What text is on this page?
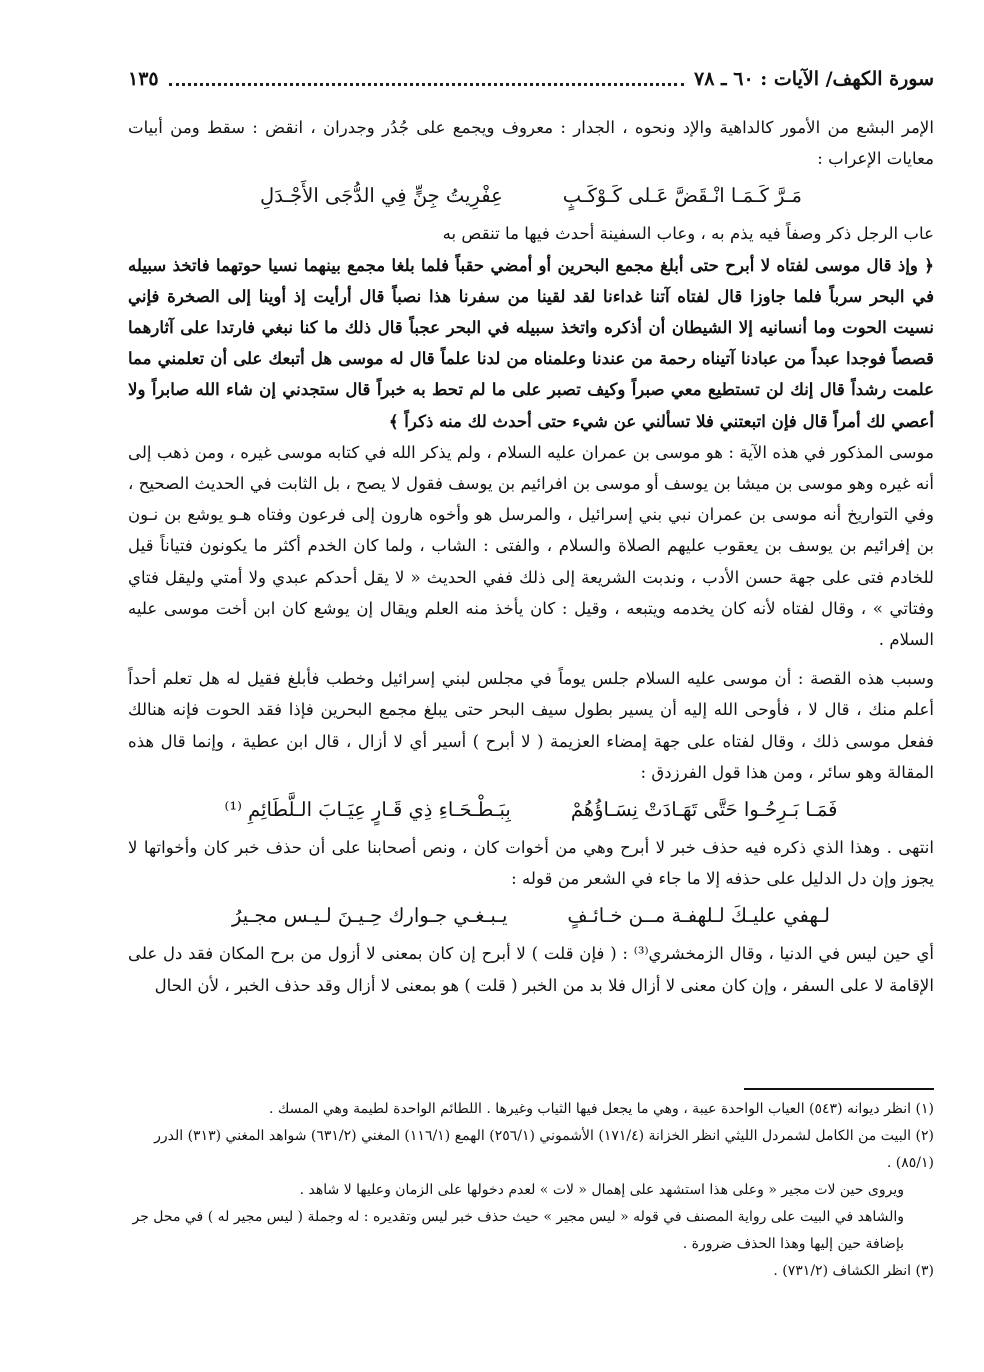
سورة الكهف/ الآيات : ٦٠ ـ ٧٨
١٣٥

الإمر البشع من الأمور كالداهية والإد ونحوه ، الجدار : معروف ويجمع على جُدُر وجدران ، انقض : سقط ومن أبيات معايات الإعراب :

مَـرَّ كَـمَـا انْـقَضَّ عَـلى كَـوْكَـبٍعِفْرِيتُ جِنٍّ فِي الدُّجَى الأَجْـدَلِ

عاب الرجل ذكر وصفاً فيه يذم به ، وعاب السفينة أحدث فيها ما تنقص به

﴿ وإذ قال موسى لفتاه لا أبرح حتى أبلغ مجمع البحرين أو أمضي حقباً فلما بلغا مجمع بينهما نسيا حوتهما فاتخذ سبيله في البحر سرباً فلما جاوزا قال لفتاه آتنا غداءنا لقد لقينا من سفرنا هذا نصباً قال أرأيت إذ أوينا إلى الصخرة فإني نسيت الحوت وما أنسانيه إلا الشيطان أن أذكره واتخذ سبيله في البحر عجباً قال ذلك ما كنا نبغي فارتدا على آثارهما قصصاً فوجدا عبداً من عبادنا آتيناه رحمة من عندنا وعلمناه من لدنا علماً قال له موسى هل أتبعك على أن تعلمني مما علمت رشداً قال إنك لن تستطيع معي صبراً وكيف تصبر على ما لم تحط به خبراً قال ستجدني إن شاء الله صابراً ولا أعصي لك أمراً قال فإن اتبعتني فلا تسألني عن شيء حتى أحدث لك منه ذكراً ﴾

موسى المذكور في هذه الآية : هو موسى بن عمران عليه السلام ، ولم يذكر الله في كتابه موسى غيره ، ومن ذهب إلى أنه غيره وهو موسى بن ميشا بن يوسف أو موسى بن افرائيم بن يوسف فقول لا يصح ، بل الثابت في الحديث الصحيح ، وفي التواريخ أنه موسى بن عمران نبي بني إسرائيل ، والمرسل هو وأخوه هارون إلى فرعون وفتاه هـو يوشع بن نـون بن إفرائيم بن يوسف بن يعقوب عليهم الصلاة والسلام ، والفتى : الشاب ، ولما كان الخدم أكثر ما يكونون فتياناً قيل للخادم فتى على جهة حسن الأدب ، وندبت الشريعة إلى ذلك ففي الحديث « لا يقل أحدكم عبدي ولا أمتي وليقل فتاي وفتاتي » ، وقال لفتاه لأنه كان يخدمه ويتبعه ، وقيل : كان يأخذ منه العلم ويقال إن يوشع كان ابن أخت موسى عليه السلام .

وسبب هذه القصة : أن موسى عليه السلام جلس يوماً في مجلس لبني إسرائيل وخطب فأبلغ فقيل له هل تعلم أحداً أعلم منك ، قال لا ، فأوحى الله إليه أن يسير بطول سيف البحر حتى يبلغ مجمع البحرين فإذا فقد الحوت فإنه هنالك ففعل موسى ذلك ، وقال لفتاه على جهة إمضاء العزيمة ( لا أبرح ) أسير أي لا أزال ، قال ابن عطية ، وإنما قال هذه المقالة وهو سائر ، ومن هذا قول الفرزدق :

فَمَـا بَـرِحُـوا حَتَّى تَهَـادَتْ نِسَـاؤُهُمْبِبَـطْـحَـاءِ ذِي قَـارٍ عِيَـابَ الـلَّطَائِمِ ⁽¹⁾

انتهى . وهذا الذي ذكره فيه حذف خبر لا أبرح وهي من أخوات كان ، ونص أصحابنا على أن حذف خبر كان وأخواتها لا يجوز وإن دل الدليل على حذفه إلا ما جاء في الشعر من قوله :

لـهفي عليـكَ لـلهفـة مــن خـائـفٍيـبـغـي جـوارك حِـيـنَ لـيـس مجـيرُ

أي حين ليس في الدنيا ، وقال الزمخشري⁽³⁾ : ( فإن قلت ) لا أبرح إن كان بمعنى لا أزول من برح المكان فقد دل على الإقامة لا على السفر ، وإن كان معنى لا أزال فلا بد من الخبر ( قلت ) هو بمعنى لا أزال وقد حذف الخبر ، لأن الحال

(١) انظر ديوانه (٥٤٣) العياب الواحدة عيبة ، وهي ما يجعل فيها الثياب وغيرها . اللطائم الواحدة لطيمة وهي المسك .

(٢) البيت من الكامل لشمردل الليثي انظر الخزانة (١٧١/٤) الأشموني (٢٥٦/١) الهمع (١١٦/١) المغني (٦٣١/٢) شواهد المغني (٣١٣) الدرر (٨٥/١) .

ويروى حين لات مجير « وعلى هذا استشهد على إهمال « لات » لعدم دخولها على الزمان وعليها لا شاهد .

والشاهد في البيت على رواية المصنف في قوله « ليس مجير » حيث حذف خبر ليس وتقديره : له وجملة ( ليس مجير له ) في محل جر بإضافة حين إليها وهذا الحذف ضرورة .

(٣) انظر الكشاف (٧٣١/٢) .
